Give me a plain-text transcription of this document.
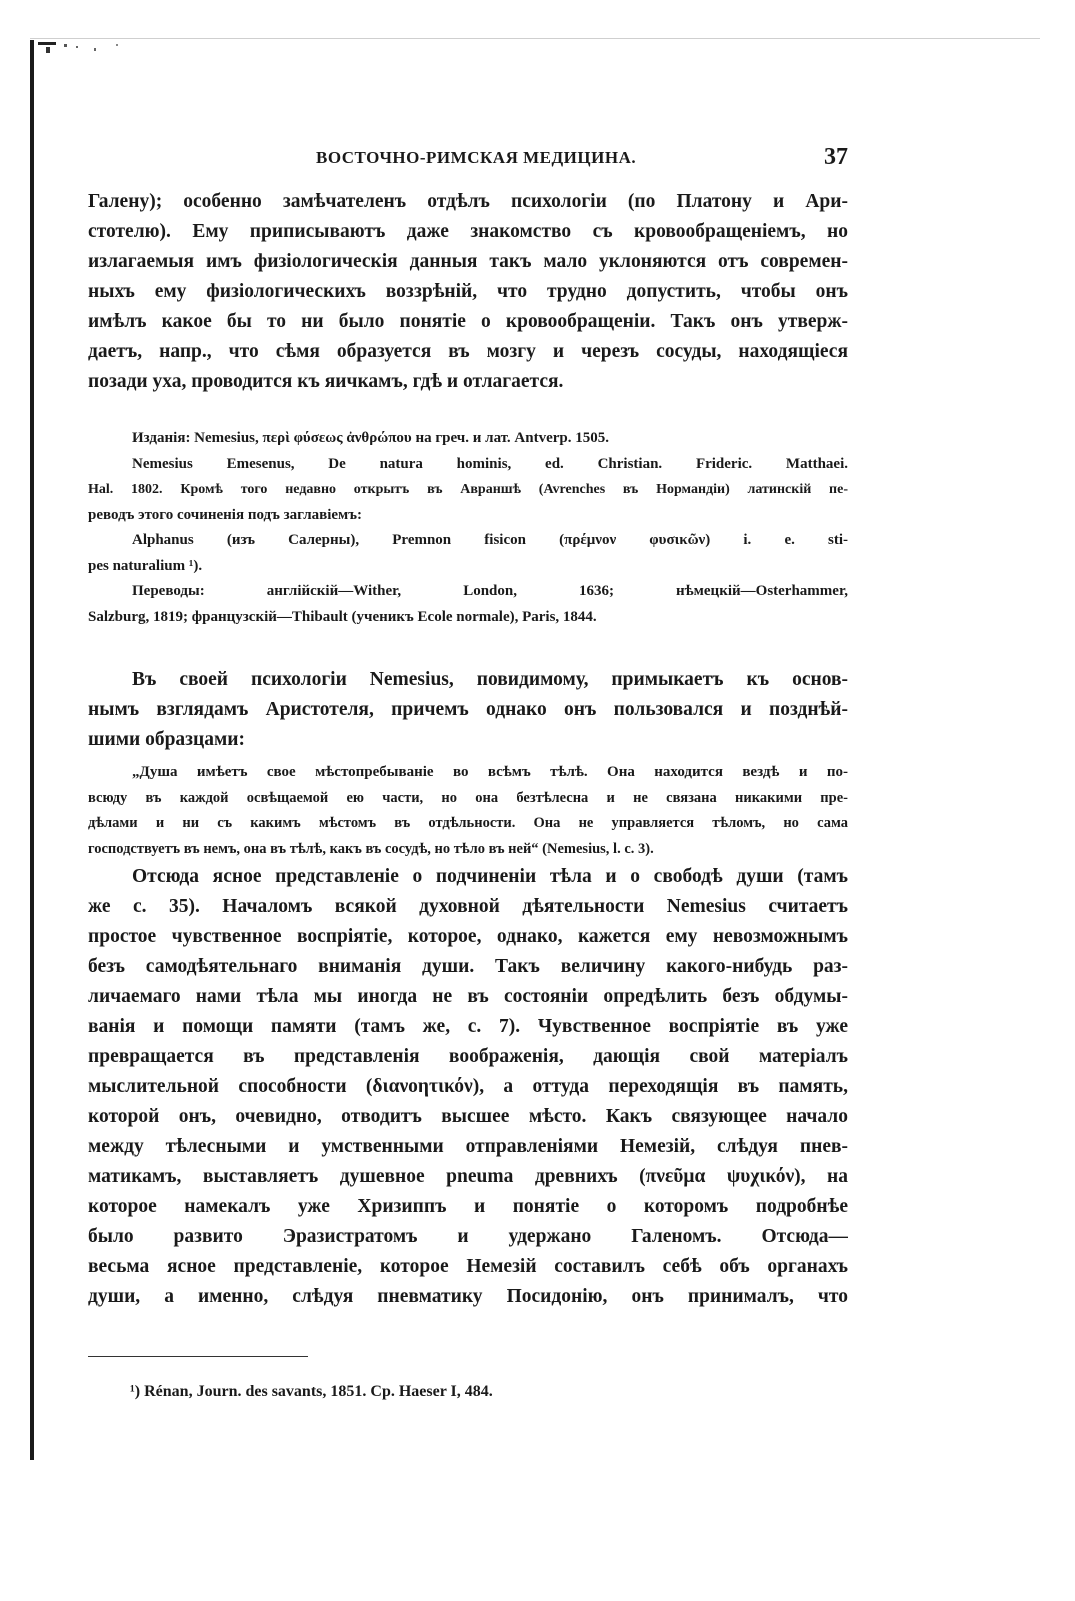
ВОСТОЧНО-РИМСКАЯ МЕДИЦИНА.	37
Галену); особенно замѣчателенъ отдѣлъ психологіи (по Платону и Ари-
стотелю). Ему приписываютъ даже знакомство съ кровообращеніемъ, но
излагаемыя имъ физіологическія данныя такъ мало уклоняются отъ современ-
ныхъ ему физіологическихъ воззрѣній, что трудно допустить, чтобы онъ
имѣлъ какое бы то ни было понятіе о кровообращеніи. Такъ онъ утверж-
даетъ, напр., что сѣмя образуется въ мозгу и черезъ сосуды, находящіеся
позади уха, проводится къ яичкамъ, гдѣ и отлагается.
Изданія: Nemesius, περὶ φύσεως ἀνθρώπου на греч. и лат. Antverp. 1505.
Nemesius Emesenus, De natura hominis, ed. Christian. Frideric. Matthaei.
Hal. 1802. Кромѣ того недавно открытъ въ Авраншѣ (Avrenches въ Нормандіи) латинскій пе-
реводъ этого сочиненія подъ заглавіемъ:
Alphanus (изъ Салерны), Premnon fisicon (πρέμνον φυσικῶν) i. e. sti-
pes naturalium ¹).
Переводы: англійскій—Wither, London, 1636; нѣмецкій—Osterhammer,
Salzburg, 1819; французскій—Thibault (ученикъ Ecole normale), Paris, 1844.
Въ своей психологіи Nemesius, повидимому, примыкаетъ къ основ-
нымъ взглядамъ Аристотеля, причемъ однако онъ пользовался и позднѣй-
шими образцами:
„Душа имѣетъ свое мѣстопребываніе во всѣмъ тѣлѣ. Она находится вездѣ и по-
всюду въ каждой освѣщаемой ею части, но она безтѣлесна и не связана никакими пре-
дѣлами и ни съ какимъ мѣстомъ въ отдѣльности. Она не управляется тѣломъ, но сама
господствуетъ въ немъ, она въ тѣлѣ, какъ въ сосудѣ, но тѣло въ ней“ (Nemesius, l. c. 3).
Отсюда ясное представленіе о подчиненіи тѣла и о свободѣ души (тамъ
же с. 35). Началомъ всякой духовной дѣятельности Nemesius считаетъ
простое чувственное воспріятіе, которое, однако, кажется ему невозможнымъ
безъ самодѣятельнаго вниманія души. Такъ величину какого-нибудь раз-
личаемаго нами тѣла мы иногда не въ состояніи опредѣлить безъ обдумы-
ванія и помощи памяти (тамъ же, с. 7). Чувственное воспріятіе въ уже
превращается въ представленія воображенія, дающія свой матеріалъ
мыслительной способности (διανοητικόν), а оттуда переходящія въ память,
которой онъ, очевидно, отводитъ высшее мѣсто. Какъ связующее начало
между тѣлесными и умственными отправленіями Немезій, слѣдуя пнев-
матикамъ, выставляетъ душевное pneuma древнихъ (πνεῦμα ψυχικόν), на
которое намекалъ уже Хризиппъ и понятіе о которомъ подробнѣе
было развито Эразистратомъ и удержано Галеномъ. Отсюда—
весьма ясное представленіе, которое Немезій составилъ себѣ объ органахъ
души, а именно, слѣдуя пневматику Посидонію, онъ принималъ, что
¹) Rénan, Journ. des savants, 1851. Cp. Haeser I, 484.
